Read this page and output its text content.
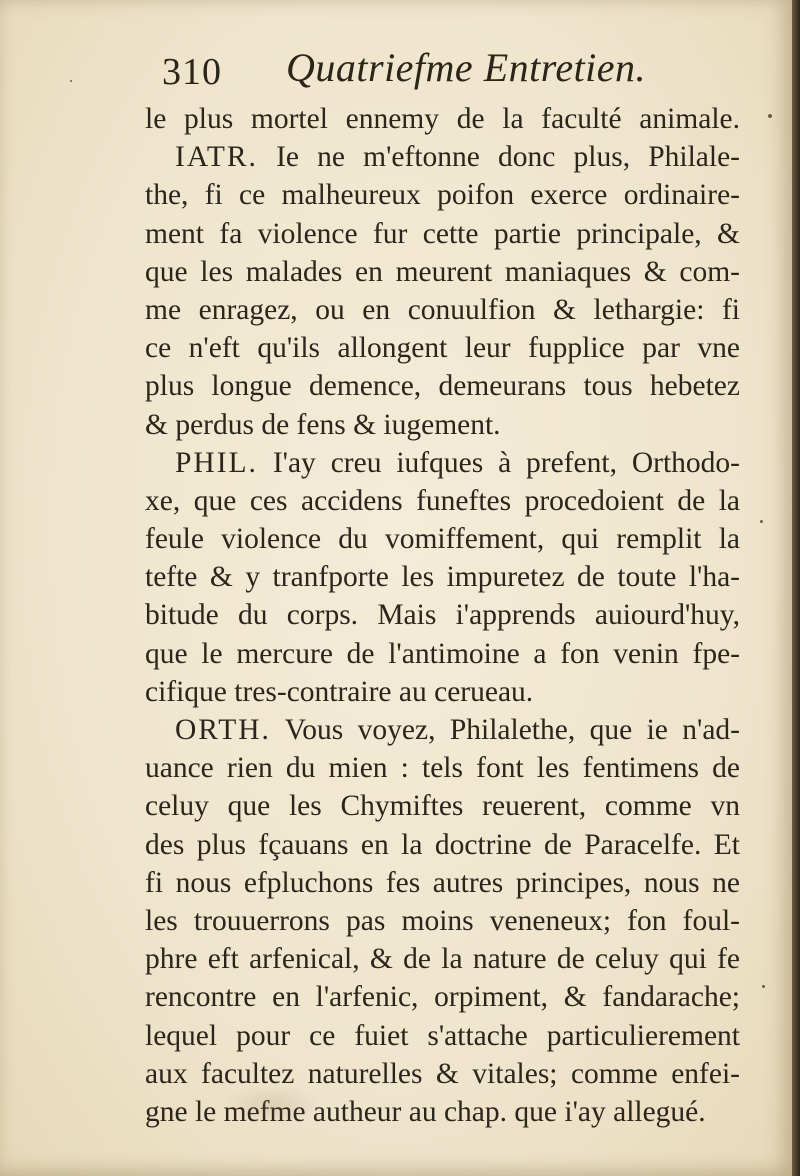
310 Quatriefme Entretien.
le plus mortel ennemy de la faculté animale.
IATR. Ie ne m'eftonne donc plus, Philale-
the, fi ce malheureux poifon exerce ordinaire-
ment fa violence fur cette partie principale, &
que les malades en meurent maniaques & com-
me enragez, ou en conuulfion & lethargie: fi
ce n'eft qu'ils allongent leur fupplice par vne
plus longue demence, demeurans tous hebetez
& perdus de fens & iugement.
PHIL. I'ay creu iufques à prefent, Orthodo-
xe, que ces accidens funeftes procedoient de la
feule violence du vomiffement, qui remplit la
tefte & y tranfporte les impuretez de toute l'ha-
bitude du corps. Mais i'apprends auiourd'huy,
que le mercure de l'antimoine a fon venin fpe-
cifique tres-contraire au cerueau.
ORTH. Vous voyez, Philalethe, que ie n'ad-
uance rien du mien : tels font les fentimens de
celuy que les Chymiftes reuerent, comme vn
des plus fçauans en la doctrine de Paracelfe. Et
fi nous efpluchons fes autres principes, nous ne
les trouuerrons pas moins veneneux; fon foul-
phre eft arfenical, & de la nature de celuy qui fe
rencontre en l'arfenic, orpiment, & fandarache;
lequel pour ce fuiet s'attache particulierement
aux facultez naturelles & vitales; comme enfei-
gne le mefme autheur au chap. que i'ay allegué.
